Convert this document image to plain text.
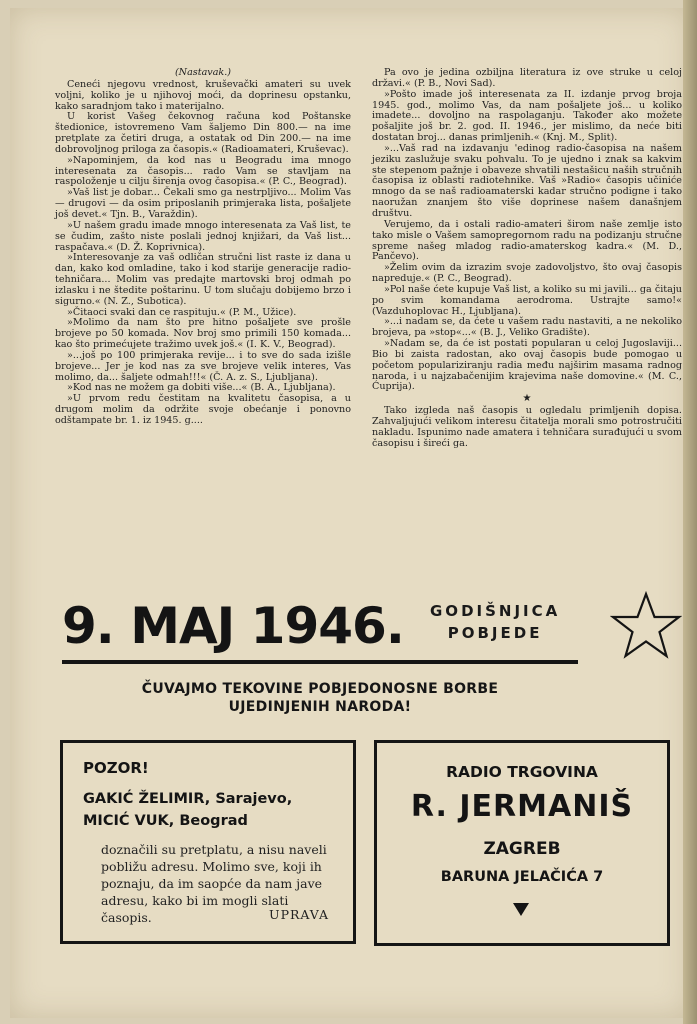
(Nastavak.)

Ceneći njegovu vrednost, kruševački amateri su uvek voljni, koliko je u njihovoj moći, da doprinesu opstanku, kako saradnjom tako i materijalno.

U korist Vašeg čekovnog računa kod Poštanske štedionice, istovremeno Vam šaljemo Din 800.— na ime pretplate za četiri druga, a ostatak od Din 200.— na ime dobrovoljnog priloga za časopis.« (Radioamateri, Kruševac).

»Napominjem, da kod nas u Beogradu ima mnogo interesenata za časopis... rado Vam se stavljam na raspoloženje u cilju širenja ovog časopisa.« (P. C., Beograd).

»Vaš list je dobar... Čekali smo ga nestrpljivo... Molim Vas — drugovi — da osim priposlanih primjeraka lista, pošaljete još devet.« Tjn. B., Varaždin).

»U našem gradu imade mnogo interesenata za Vaš list, te se čudim, zašto niste poslali jednoj knjižari, da Vaš list... raspačava.« (D. Ž. Koprivnica).

»Interesovanje za vaš odličan stručni list raste iz dana u dan, kako kod omladine, tako i kod starije generacije radio-tehničara... Molim vas predajte martovski broj odmah po izlasku i ne štedite poštarinu. U tom slučaju dobijemo brzo i sigurno.« (N. Z., Subotica).

»Čitaoci svaki dan ce raspituju.« (P. M., Užice).

»Molimo da nam što pre hitno pošaljete sve prošle brojeve po 50 komada. Nov broj smo primili 150 komada... kao što primećujete tražimo uvek još.« (I. K. V., Beograd).

»...još po 100 primjeraka revije... i to sve do sada izišle brojeve... Jer je kod nas za sve brojeve velik interes, Vas molimo, da... šaljete odmah!!!« (Č. A. z. S., Ljubljana).

»Kod nas ne možem ga dobiti više...« (B. A., Ljubljana).

»U prvom redu čestitam na kvalitetu časopisa, a u drugom molim da održite svoje obećanje i ponovno odštampate br. 1. iz 1945. g....

Pa ovo je jedina ozbiljna literatura iz ove struke u celoj državi.« (P. B., Novi Sad).

»Pošto imade još interesenata za II. izdanje prvog broja 1945. god., molimo Vas, da nam pošaljete još... u koliko imadete... dovoljno na raspolaganju. Također ako možete pošaljite još br. 2. god. II. 1946., jer mislimo, da neće biti dostatan broj... danas primljenih.« (Knj. M., Split).

»...Vaš rad na izdavanju 'edinog radio-časopisa na našem jeziku zaslužuje svaku pohvalu. To je ujedno i znak sa kakvim ste stepenom pažnje i obaveze shvatili nestašicu naših stručnih časopisa iz oblasti radiotehnike. Vaš »Radio« časopis učiniće mnogo da se naš radioamaterski kadar stručno podigne i tako naoružan znanjem što više doprinese našem današnjem društvu.

Verujemo, da i ostali radio-amateri širom naše zemlje isto tako misle o Vašem samopregornom radu na podizanju stručne spreme našeg mladog radio-amaterskog kadra.« (M. D., Pančevo).

»Želim ovim da izrazim svoje zadovoljstvo, što ovaj časopis napreduje.« (P. C., Beograd).

»Pol naše ćete kupuje Vaš list, a koliko su mi javili... ga čitaju po svim komandama aerodroma. Ustrajte samo!« (Vazduhoplovac H., Ljubljana).

»...i nadam se, da ćete u vašem radu nastaviti, a ne nekoliko brojeva, pa »stop«...« (B. J., Veliko Gradište).

»Nadam se, da će ist postati popularan u celoj Jugoslaviji... Bio bi zaista radostan, ako ovaj časopis bude pomogao u početom popularizirаnju radia među najširim masama radnog naroda, i u najzabačenijim krajevima naše domovine.« (M. C., Ćuprija).

★

Tako izgleda naš časopis u ogledalu primljenih dopisa. Zahvaljujući velikom interesu čitatelja morali smo potrostručiti nakladu. Ispunimo nade amatera i tehničara surađujući u svom časopisu i šireći ga.

9. MAJ 1946. GODIŠNJICA
POBJEDE
ČUVAJMO TEKOVINE POBJEDONOSNE BORBE
UJEDINJENIH NARODA!
POZOR!
GAKIĆ ŽELIMIR, Sarajevo,
MICIĆ VUK, Beograd
doznačili su pretplatu, a nisu naveli pobližu adresu. Molimo sve, koji ih poznaju, da im saopće da nam jave adresu, kako bi im mogli slati časopis.	UPRAVA
RADIO TRGOVINA
R. JERMANIŠ
ZAGREB
BARUNA JELAČIĆA 7
